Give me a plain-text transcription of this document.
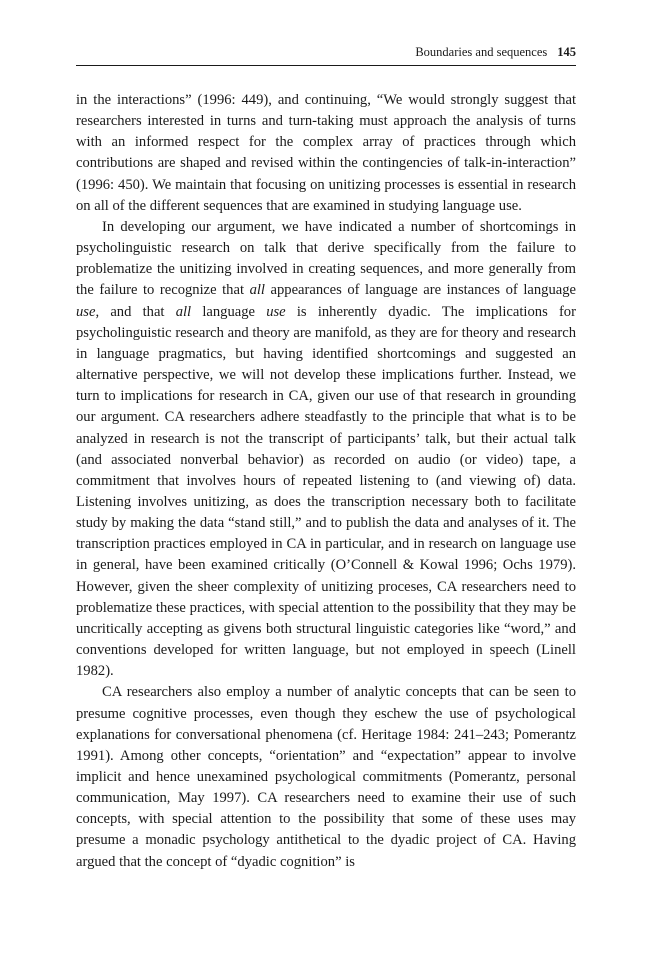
Boundaries and sequences 145

in the interactions” (1996: 449), and continuing, “We would strongly suggest that researchers interested in turns and turn-taking must approach the analysis of turns with an informed respect for the complex array of practices through which contributions are shaped and revised within the contingencies of talk-in-interaction” (1996: 450). We maintain that focusing on unitizing processes is essential in research on all of the different sequences that are examined in studying language use.

In developing our argument, we have indicated a number of shortcomings in psycholinguistic research on talk that derive specifically from the failure to problematize the unitizing involved in creating sequences, and more generally from the failure to recognize that all appearances of language are instances of language use, and that all language use is inherently dyadic. The implications for psycholinguistic research and theory are manifold, as they are for theory and research in language pragmatics, but having identified shortcomings and suggested an alternative perspective, we will not develop these implications further. Instead, we turn to implications for research in CA, given our use of that research in grounding our argument. CA researchers adhere steadfastly to the principle that what is to be analyzed in research is not the transcript of participants’ talk, but their actual talk (and associated nonverbal behavior) as recorded on audio (or video) tape, a commitment that involves hours of repeated listening to (and viewing of) data. Listening involves unitizing, as does the transcription necessary both to facilitate study by making the data “stand still,” and to publish the data and analyses of it. The transcription practices employed in CA in particular, and in research on language use in general, have been examined critically (O’Connell & Kowal 1996; Ochs 1979). However, given the sheer complexity of unitizing proceses, CA researchers need to problematize these practices, with special attention to the possibility that they may be uncritically accepting as givens both structural linguistic categories like “word,” and conventions developed for written language, but not employed in speech (Linell 1982).

CA researchers also employ a number of analytic concepts that can be seen to presume cognitive processes, even though they eschew the use of psychological explanations for conversational phenomena (cf. Heritage 1984: 241–243; Pomerantz 1991). Among other concepts, “orientation” and “expectation” appear to involve implicit and hence unexamined psychological commitments (Pomerantz, personal communication, May 1997). CA researchers need to examine their use of such concepts, with special attention to the possibility that some of these uses may presume a monadic psychology antithetical to the dyadic project of CA. Having argued that the concept of “dyadic cognition” is
